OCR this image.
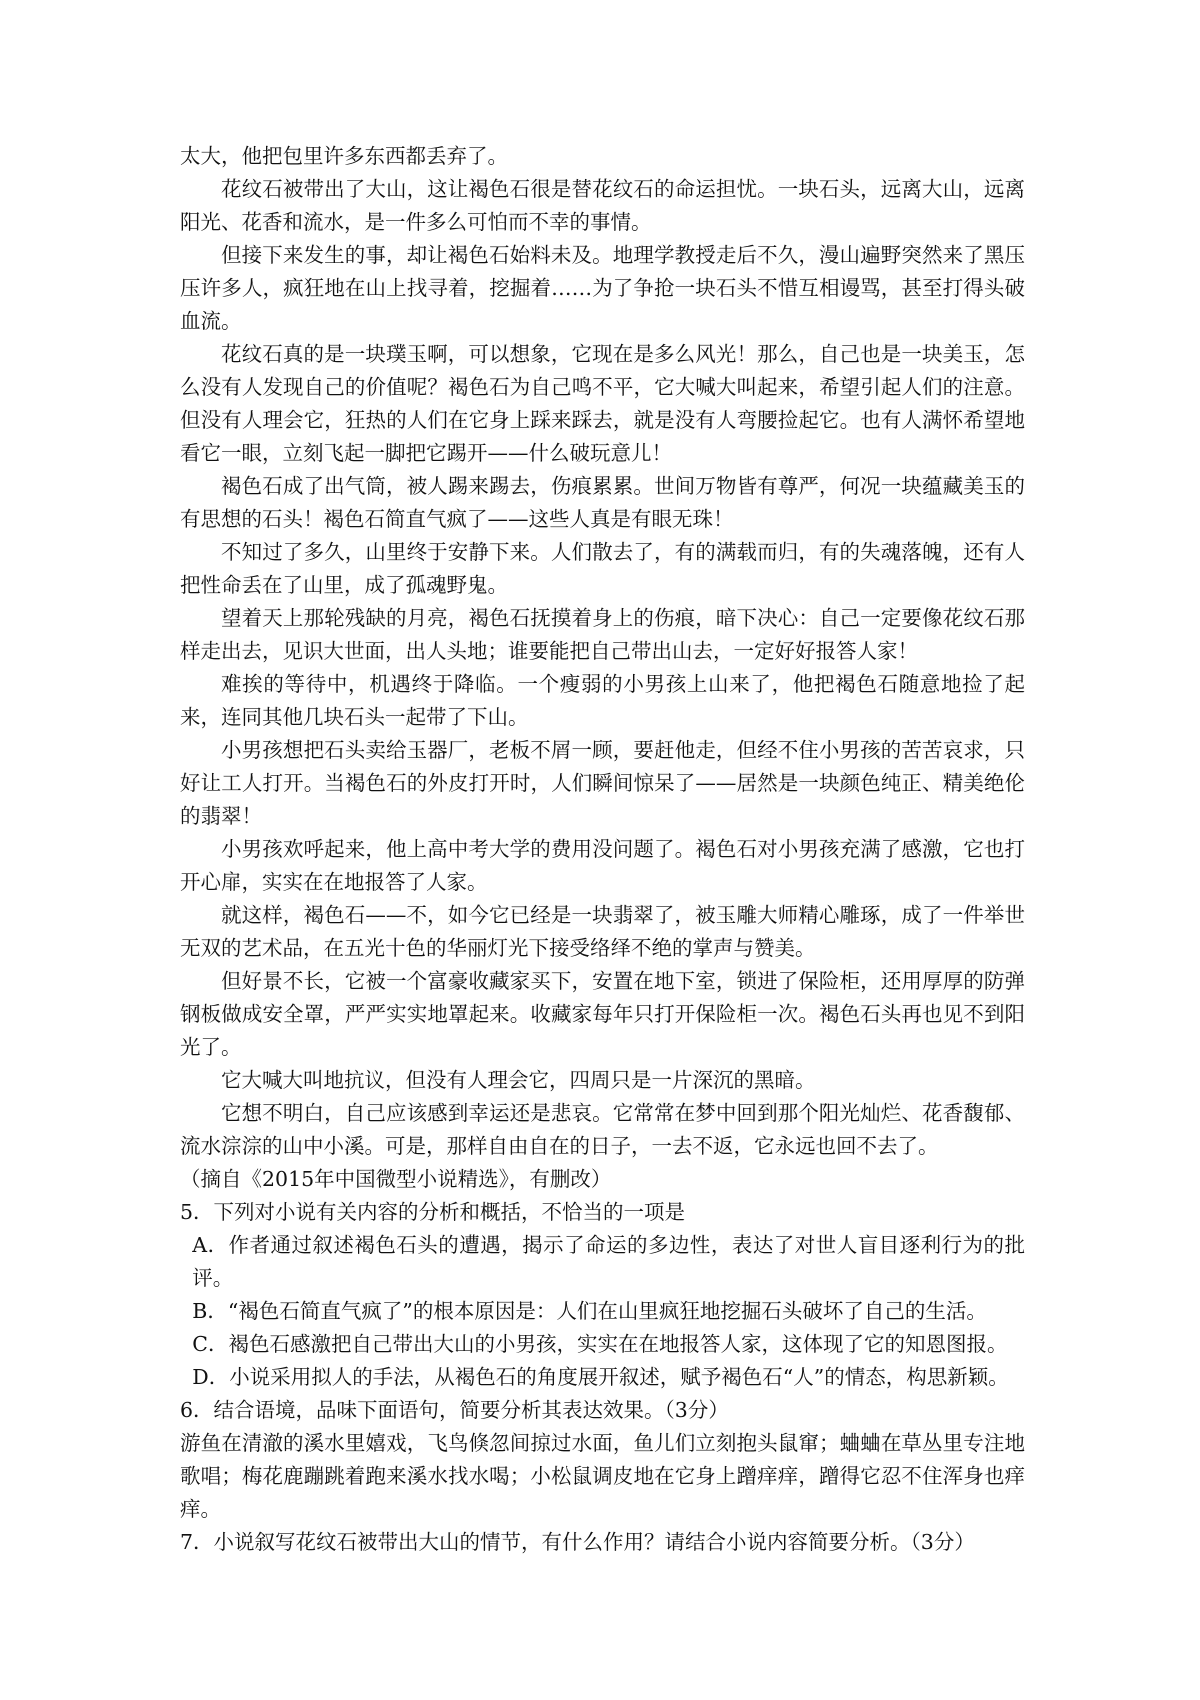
太大，他把包里许多东西都丢弃了。

花纹石被带出了大山，这让褐色石很是替花纹石的命运担忧。一块石头，远离大山，远离阳光、花香和流水，是一件多么可怕而不幸的事情。

但接下来发生的事，却让褐色石始料未及。地理学教授走后不久，漫山遍野突然来了黑压压许多人，疯狂地在山上找寻着，挖掘着……为了争抢一块石头不惜互相谩骂，甚至打得头破血流。

花纹石真的是一块璞玉啊，可以想象，它现在是多么风光！那么，自己也是一块美玉，怎么没有人发现自己的价值呢？褐色石为自己鸣不平，它大喊大叫起来，希望引起人们的注意。但没有人理会它，狂热的人们在它身上踩来踩去，就是没有人弯腰捡起它。也有人满怀希望地看它一眼，立刻飞起一脚把它踢开——什么破玩意儿！

褐色石成了出气筒，被人踢来踢去，伤痕累累。世间万物皆有尊严，何况一块蕴藏美玉的有思想的石头！褐色石简直气疯了——这些人真是有眼无珠！

不知过了多久，山里终于安静下来。人们散去了，有的满载而归，有的失魂落魄，还有人把性命丢在了山里，成了孤魂野鬼。

望着天上那轮残缺的月亮，褐色石抚摸着身上的伤痕，暗下决心：自己一定要像花纹石那样走出去，见识大世面，出人头地；谁要能把自己带出山去，一定好好报答人家！

难挨的等待中，机遇终于降临。一个瘦弱的小男孩上山来了，他把褐色石随意地捡了起来，连同其他几块石头一起带了下山。

小男孩想把石头卖给玉器厂，老板不屑一顾，要赶他走，但经不住小男孩的苦苦哀求，只好让工人打开。当褐色石的外皮打开时，人们瞬间惊呆了——居然是一块颜色纯正、精美绝伦的翡翠！

小男孩欢呼起来，他上高中考大学的费用没问题了。褐色石对小男孩充满了感激，它也打开心扉，实实在在地报答了人家。

就这样，褐色石——不，如今它已经是一块翡翠了，被玉雕大师精心雕琢，成了一件举世无双的艺术品，在五光十色的华丽灯光下接受络绎不绝的掌声与赞美。

但好景不长，它被一个富豪收藏家买下，安置在地下室，锁进了保险柜，还用厚厚的防弹钢板做成安全罩，严严实实地罩起来。收藏家每年只打开保险柜一次。褐色石头再也见不到阳光了。

它大喊大叫地抗议，但没有人理会它，四周只是一片深沉的黑暗。

它想不明白，自己应该感到幸运还是悲哀。它常常在梦中回到那个阳光灿烂、花香馥郁、流水淙淙的山中小溪。可是，那样自由自在的日子，一去不返，它永远也回不去了。

（摘自《2015年中国微型小说精选》，有删改）

5．下列对小说有关内容的分析和概括，不恰当的一项是

A．作者通过叙述褐色石头的遭遇，揭示了命运的多边性，表达了对世人盲目逐利行为的批评。

B．“褐色石简直气疯了”的根本原因是：人们在山里疯狂地挖掘石头破坏了自己的生活。

C．褐色石感激把自己带出大山的小男孩，实实在在地报答人家，这体现了它的知恩图报。

D．小说采用拟人的手法，从褐色石的角度展开叙述，赋予褐色石“人”的情态，构思新颖。

6．结合语境，品味下面语句，简要分析其表达效果。（3分）

游鱼在清澈的溪水里嬉戏，飞鸟倏忽间掠过水面，鱼儿们立刻抱头鼠窜；蛐蛐在草丛里专注地歌唱；梅花鹿蹦跳着跑来溪水找水喝；小松鼠调皮地在它身上蹭痒痒，蹭得它忍不住浑身也痒痒。

7．小说叙写花纹石被带出大山的情节，有什么作用？请结合小说内容简要分析。（3分）
